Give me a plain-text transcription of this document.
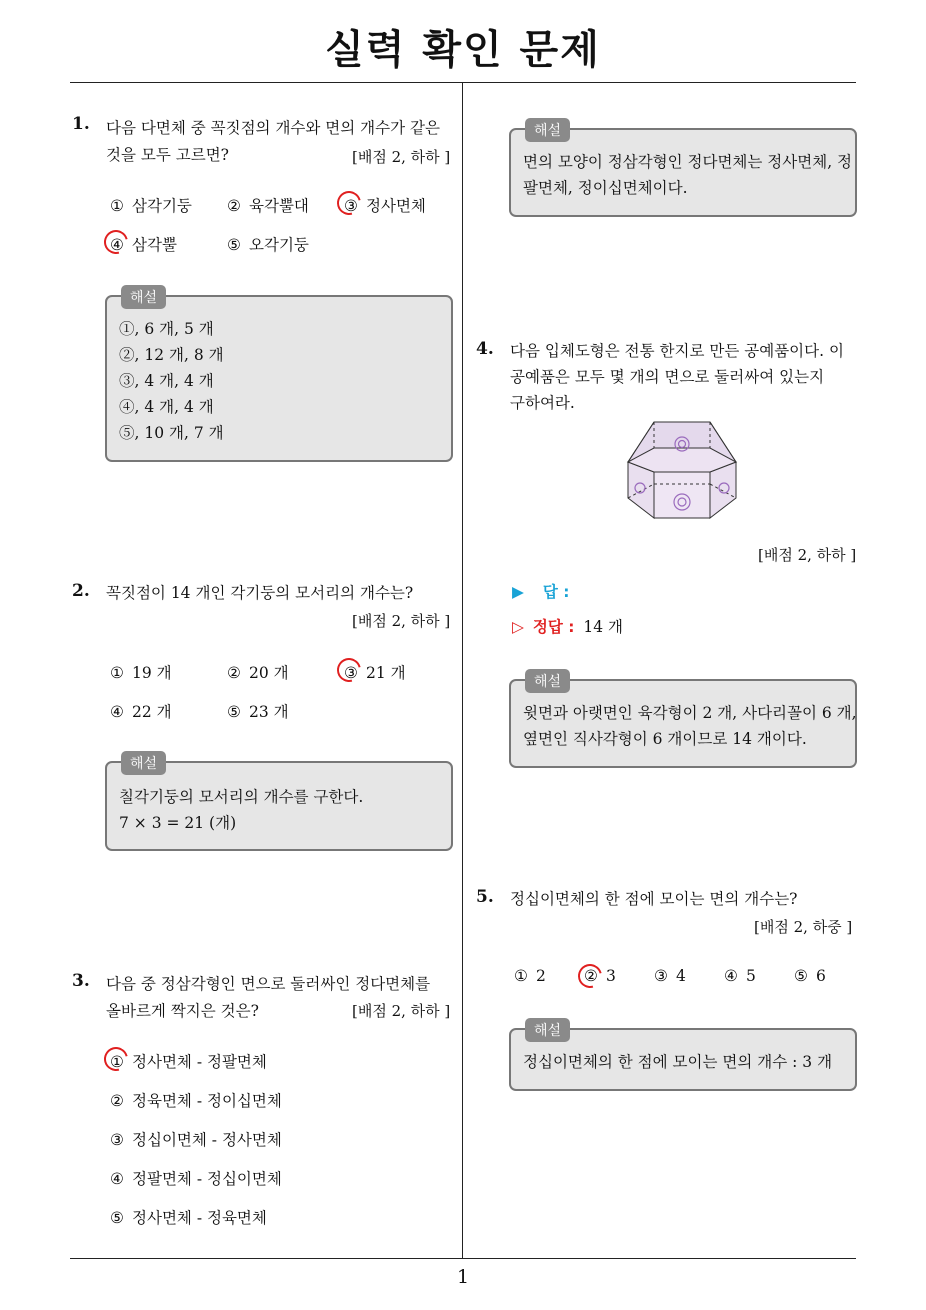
실력 확인 문제
1
1. 다음 다면체 중 꼭짓점의 개수와 면의 개수가 같은
것을 모두 고르면?	[배점 2, 하하 ]
① 삼각기둥 ② 육각뿔대 ③ 정사면체
④ 삼각뿔	⑤ 오각기둥
해설
①, 6 개, 5 개
②, 12 개, 8 개
③, 4 개, 4 개
④, 4 개, 4 개
⑤, 10 개, 7 개
2. 꼭짓점이 14 개인 각기둥의 모서리의 개수는?
[배점 2, 하하 ]
① 19 개	② 20 개	③ 21 개
④ 22 개	⑤ 23 개
해설
칠각기둥의 모서리의 개수를 구한다.
7 × 3 = 21 (개)
3. 다음 중 정삼각형인 면으로 둘러싸인 정다면체를
올바르게 짝지은 것은?	[배점 2, 하하 ]
① 정사면체 - 정팔면체
② 정육면체 - 정이십면체
③ 정십이면체 - 정사면체
④ 정팔면체 - 정십이면체
⑤ 정사면체 - 정육면체
해설
면의 모양이 정삼각형인 정다면체는 정사면체, 정
팔면체, 정이십면체이다.
4. 다음 입체도형은 전통 한지로 만든 공예품이다. 이
공예품은 모두 몇 개의 면으로 둘러싸여 있는지
구하여라.
[배점 2, 하하 ]
▶ 답 :
▷ 정답 : 14 개
해설
윗면과 아랫면인 육각형이 2 개, 사다리꼴이 6 개,
옆면인 직사각형이 6 개이므로 14 개이다.
5. 정십이면체의 한 점에 모이는 면의 개수는?
[배점 2, 하중 ]
① 2 ② 3 ③ 4 ④ 5 ⑤ 6
해설
정십이면체의 한 점에 모이는 면의 개수 : 3 개
